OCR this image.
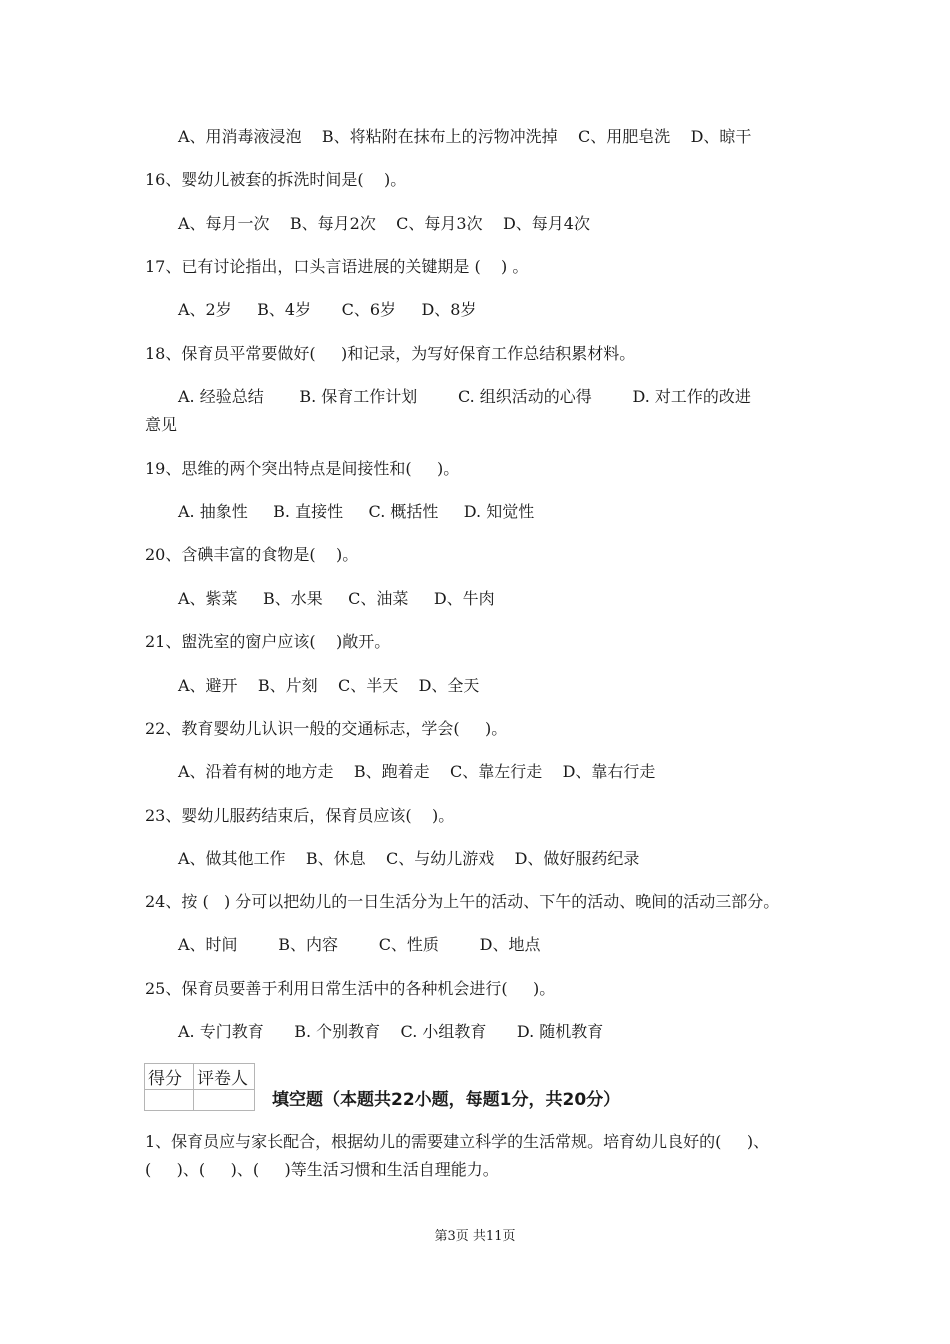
A、用消毒液浸泡    B、将粘附在抹布上的污物冲洗掉    C、用肥皂洗    D、晾干
16、婴幼儿被套的拆洗时间是(    )。
A、每月一次    B、每月2次    C、每月3次    D、每月4次
17、已有讨论指出，口头言语进展的关键期是 (    ) 。
A、2岁     B、4岁      C、6岁     D、8岁
18、保育员平常要做好(     )和记录，为写好保育工作总结积累材料。
A. 经验总结       B. 保育工作计划        C. 组织活动的心得        D. 对工作的改进
意见
19、思维的两个突出特点是间接性和(     )。
A. 抽象性     B. 直接性     C. 概括性     D. 知觉性
20、含碘丰富的食物是(    )。
A、紫菜     B、水果     C、油菜     D、牛肉
21、盥洗室的窗户应该(    )敞开。
A、避开    B、片刻    C、半天    D、全天
22、教育婴幼儿认识一般的交通标志，学会(     )。
A、沿着有树的地方走    B、跑着走    C、靠左行走    D、靠右行走
23、婴幼儿服药结束后，保育员应该(    )。
A、做其他工作    B、休息    C、与幼儿游戏    D、做好服药纪录
24、按 (   ) 分可以把幼儿的一日生活分为上午的活动、下午的活动、晚间的活动三部分。
A、时间        B、内容        C、性质        D、地点
25、保育员要善于利用日常生活中的各种机会进行(     )。
A. 专门教育      B. 个别教育    C. 小组教育      D. 随机教育
得分	评卷人

填空题（本题共22小题，每题1分，共20分）
1、保育员应与家长配合，根据幼儿的需要建立科学的生活常规。培育幼儿良好的(     )、
(     )、(     )、(     )等生活习惯和生活自理能力。
第3页 共11页
